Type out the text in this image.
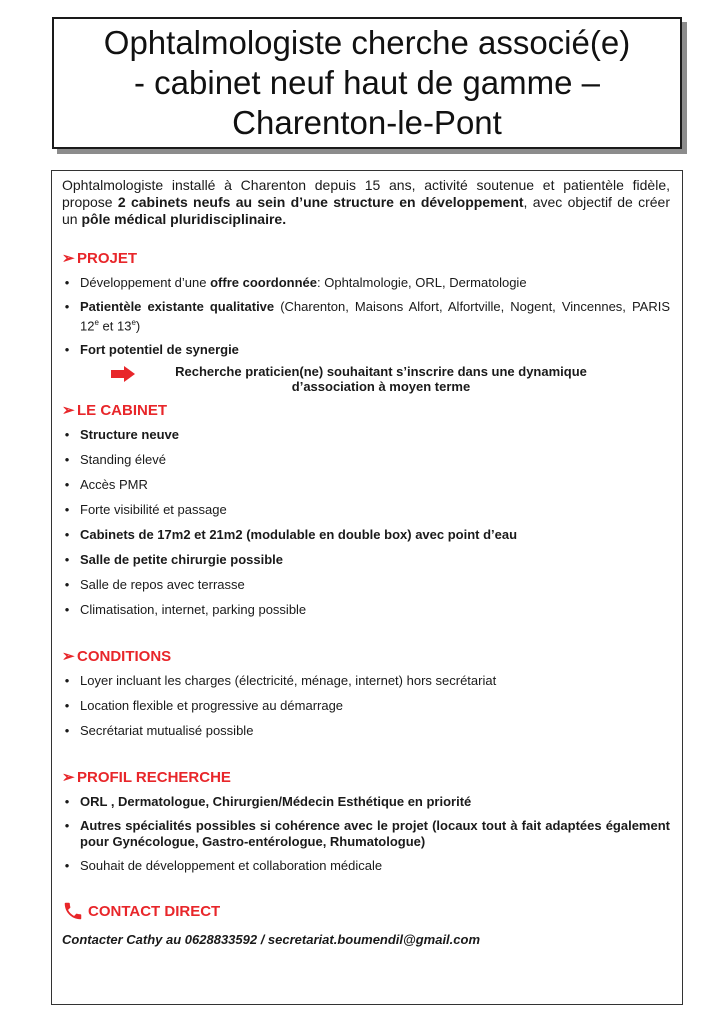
Ophtalmologiste cherche associé(e)
- cabinet neuf haut de gamme –
Charenton-le-Pont

Ophtalmologiste installé à Charenton depuis 15 ans, activité soutenue et patientèle fidèle, propose 2 cabinets neufs au sein d’une structure en développement, avec objectif de créer un pôle médical pluridisciplinaire.

➢ PROJET
• Développement d’une offre coordonnée: Ophtalmologie, ORL, Dermatologie
• Patientèle existante qualitative (Charenton, Maisons Alfort, Alfortville, Nogent, Vincennes, PARIS 12e et 13e)
• Fort potentiel de synergie
Recherche praticien(ne) souhaitant s’inscrire dans une dynamique d’association à moyen terme
➢ LE CABINET
• Structure neuve
• Standing élevé
• Accès PMR
• Forte visibilité et passage
• Cabinets de 17m2 et 21m2 (modulable en double box) avec point d’eau
• Salle de petite chirurgie possible
• Salle de repos avec terrasse
• Climatisation, internet, parking possible
➢ CONDITIONS
• Loyer incluant les charges (électricité, ménage, internet) hors secrétariat
• Location flexible et progressive au démarrage
• Secrétariat mutualisé possible
➢ PROFIL RECHERCHE
• ORL , Dermatologue, Chirurgien/Médecin Esthétique en priorité
• Autres spécialités possibles si cohérence avec le projet (locaux tout à fait adaptées également pour Gynécologue, Gastro-entérologue, Rhumatologue)
• Souhait de développement et collaboration médicale
CONTACT DIRECT

Contacter Cathy au 0628833592 / secretariat.boumendil@gmail.com
